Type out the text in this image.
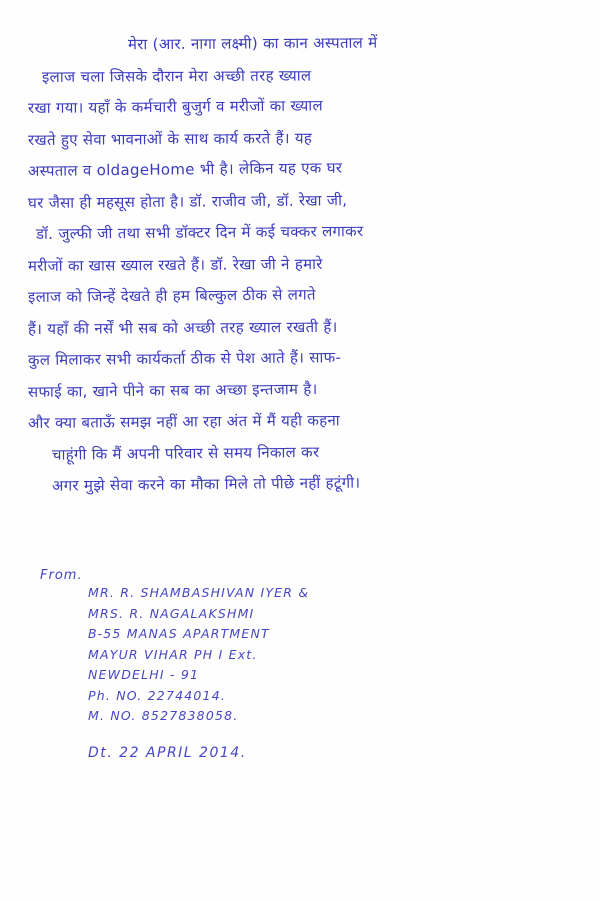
मेरा (आर. नागा लक्ष्मी) का कान अस्पताल में
इलाज चला जिसके दौरान मेरा अच्छी तरह ख्याल
रखा गया। यहाँ के कर्मचारी बुजुर्ग व मरीजों का ख्याल
रखते हुए सेवा भावनाओं के साथ कार्य करते हैं। यह
अस्पताल व oldageHome भी है। लेकिन यह एक घर
घर जैसा ही महसूस होता है। डॉ. राजीव जी, डॉ. रेखा जी,
डॉ. जुल्फी जी तथा सभी डॉक्टर दिन में कई चक्कर लगाकर
मरीजों का खास ख्याल रखते हैं। डॉ. रेखा जी ने हमारे
इलाज को जिन्हें देखते ही हम बिल्कुल ठीक से लगते
हैं। यहाँ की नर्सें भी सब को अच्छी तरह ख्याल रखती हैं।
कुल मिलाकर सभी कार्यकर्ता ठीक से पेश आते हैं। साफ-
सफाई का, खाने पीने का सब का अच्छा इन्तजाम है।
और क्या बताऊँ समझ नहीं आ रहा अंत में मैं यही कहना
चाहूंगी कि मैं अपनी परिवार से समय निकाल कर
अगर मुझे सेवा करने का मौका मिले तो पीछे नहीं हटूंगी।
From.
MR. R. SHAMBASHIVAN IYER &
MRS. R. NAGALAKSHMI
B-55 MANAS APARTMENT
MAYUR VIHAR PH I Ext.
NEWDELHI - 91
Ph. NO. 22744014.
M. NO. 8527838058.
Dt. 22 APRIL 2014.
